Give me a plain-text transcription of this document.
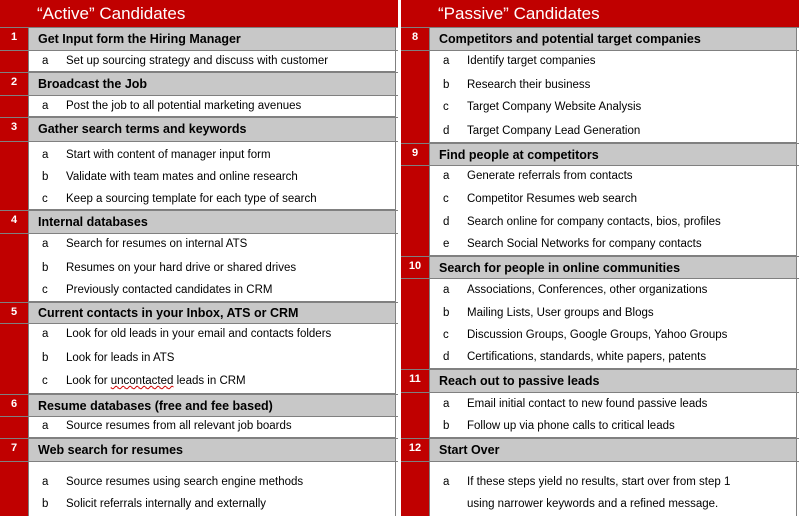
“Active” Candidates
1	Get Input form the Hiring Manager
a Set up sourcing strategy and discuss with customer
2	Broadcast the Job
a Post the job to all potential marketing avenues
3	Gather search terms and keywords
a Start with content of manager input form
b Validate with team mates and online research
c Keep a sourcing template for each type of search
4	Internal databases
a Search for resumes on internal ATS
b Resumes on your hard drive or shared drives
c Previously contacted candidates in CRM
5	Current contacts in your Inbox, ATS or CRM
a Look for old leads in your email and contacts folders
b Look for leads in ATS
c Look for uncontacted leads in CRM
6	Resume databases (free and fee based)
a Source resumes from all relevant job boards
7	Web search for resumes
a Source resumes using search engine methods
b Solicit referrals internally and externally
“Passive” Candidates
8	Competitors and potential target companies
a Identify target companies
b Research their business
c Target Company Website Analysis
d Target Company Lead Generation
9	Find people at competitors
a Generate referrals from contacts
c Competitor Resumes web search
d Search online for company contacts, bios, profiles
e Search Social Networks for company contacts
10	Search for people in online communities
a Associations, Conferences, other organizations
b Mailing Lists, User groups and Blogs
c Discussion Groups, Google Groups, Yahoo Groups
d Certifications, standards, white papers, patents
11	Reach out to passive leads
a Email initial contact to new found passive leads
b Follow up via phone calls to critical leads
12	Start Over
a If these steps yield no results, start over from step 1
using narrower keywords and a refined message.
